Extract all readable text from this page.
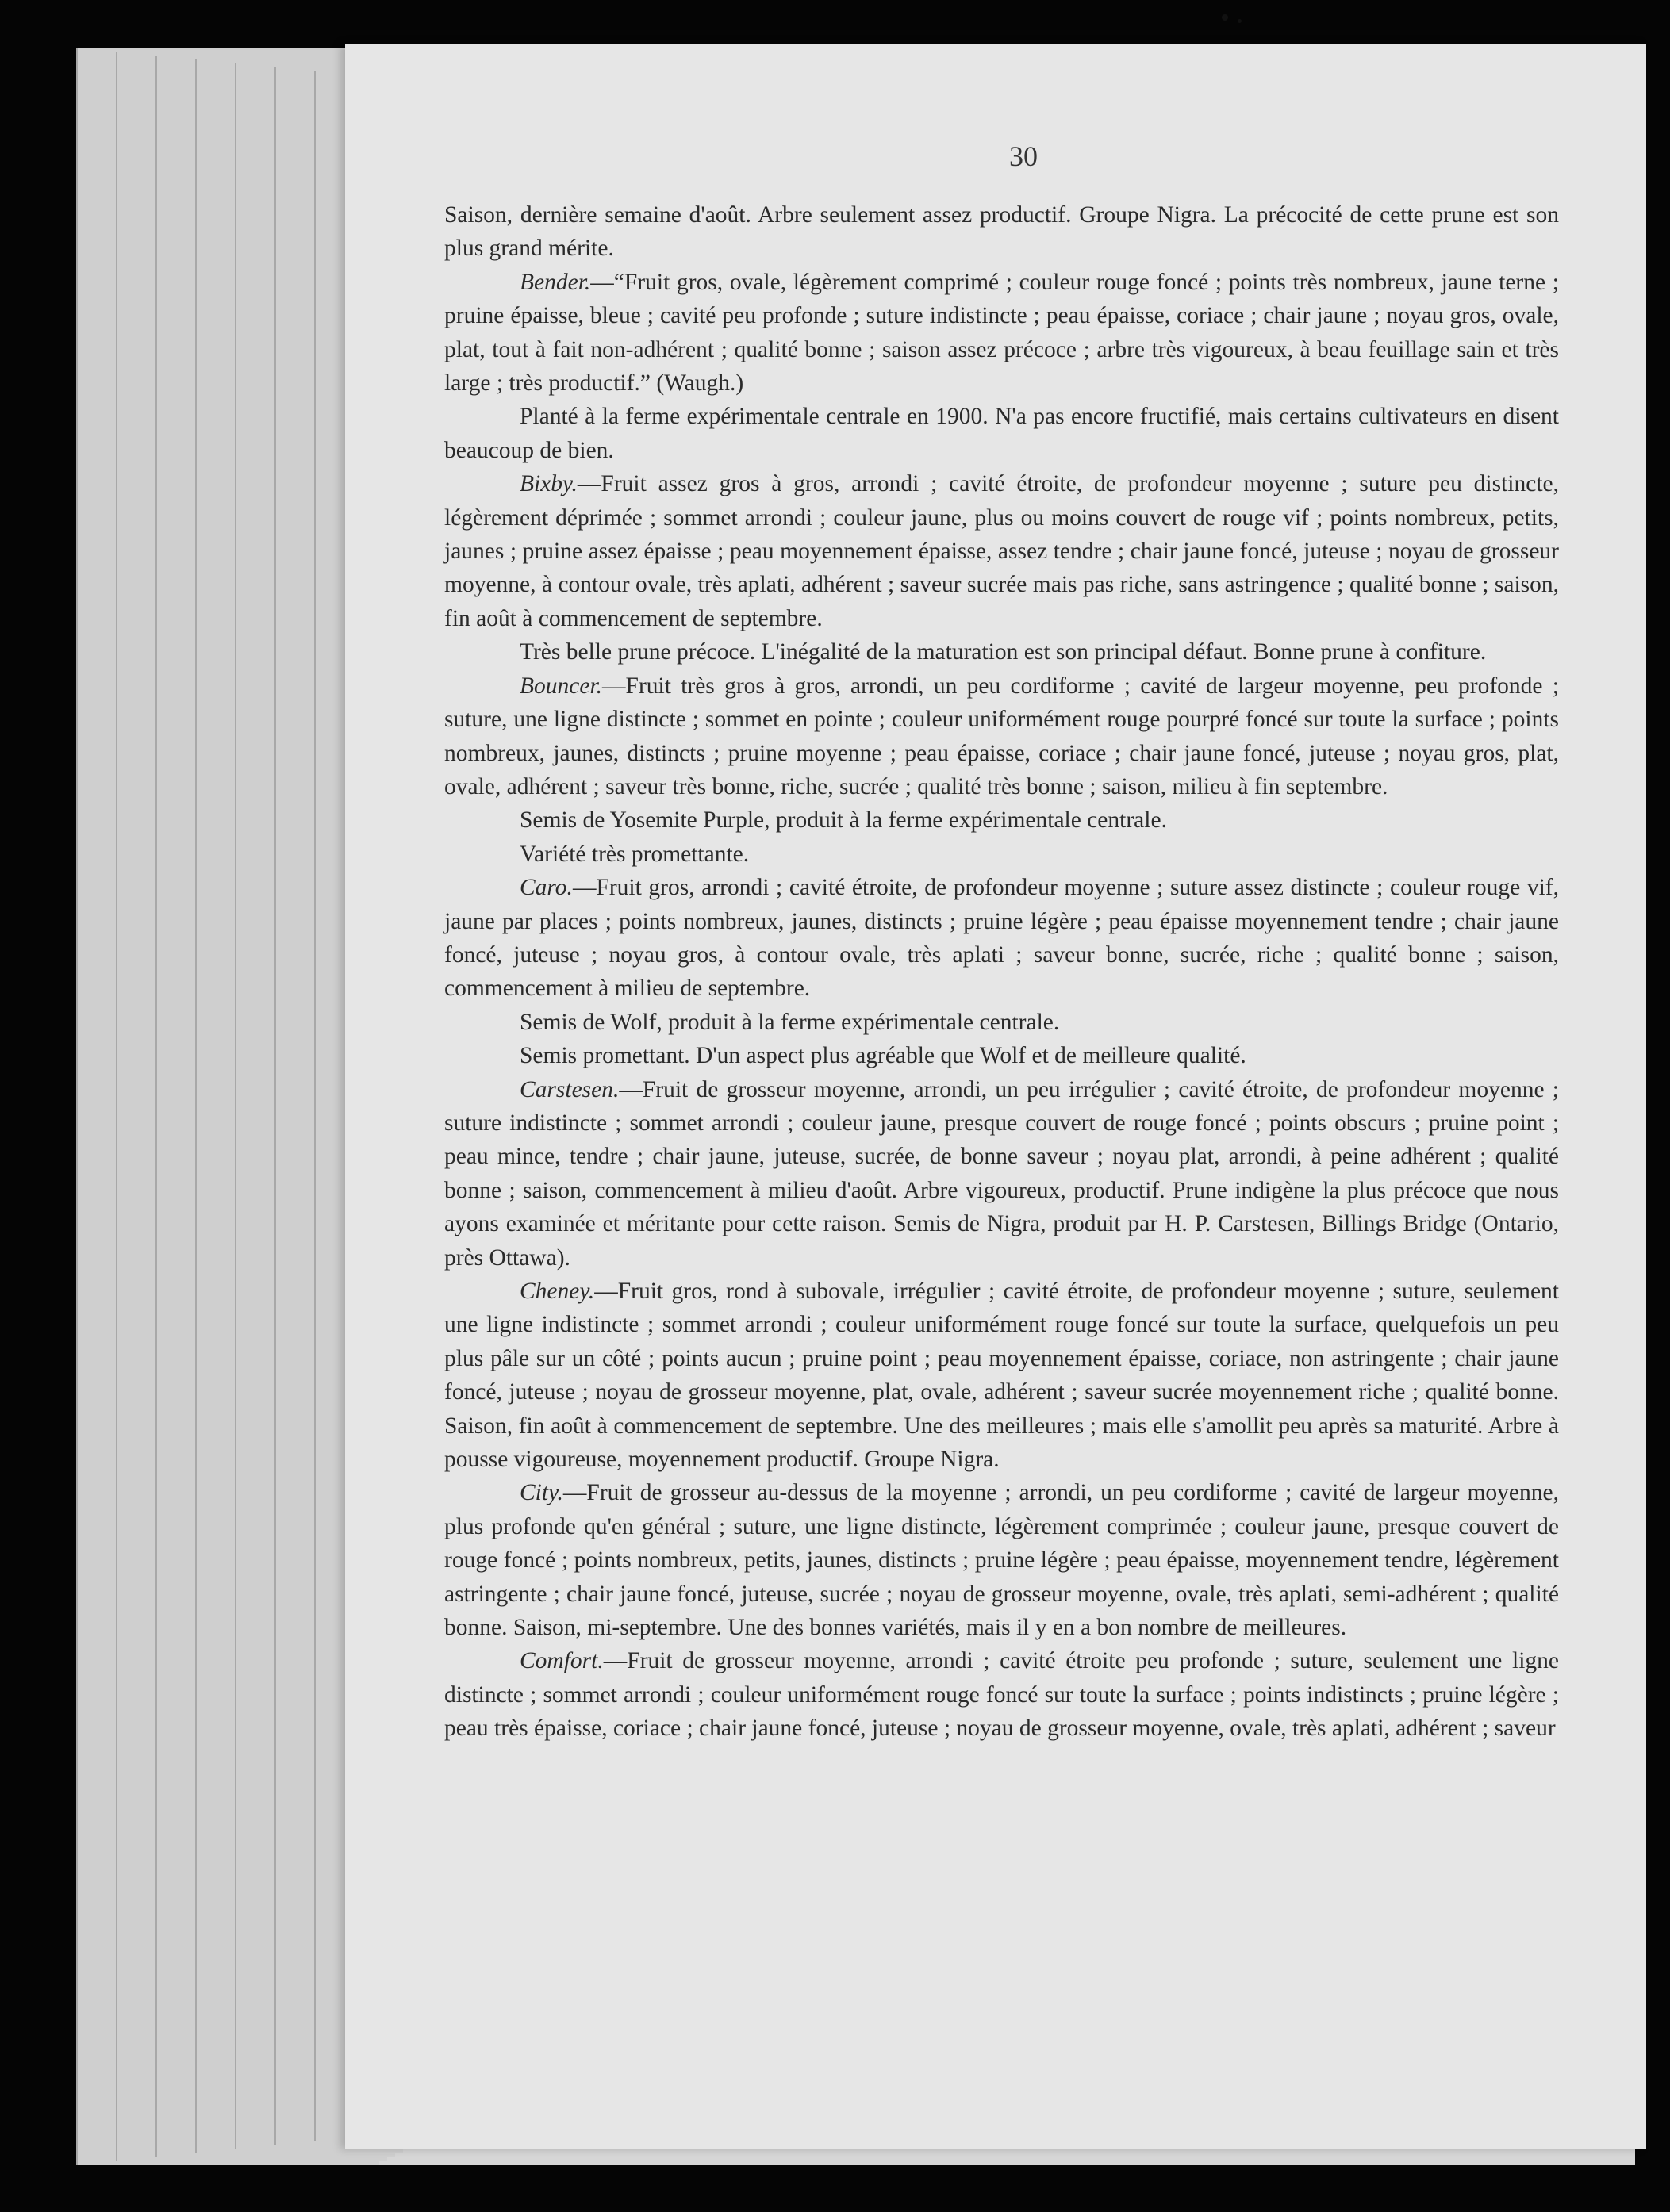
30

Saison, dernière semaine d'août. Arbre seulement assez productif. Groupe Nigra. La précocité de cette prune est son plus grand mérite.

Bender.—“Fruit gros, ovale, légèrement comprimé ; couleur rouge foncé ; points très nombreux, jaune terne ; pruine épaisse, bleue ; cavité peu profonde ; suture indistincte ; peau épaisse, coriace ; chair jaune ; noyau gros, ovale, plat, tout à fait non-adhérent ; qualité bonne ; saison assez précoce ; arbre très vigoureux, à beau feuillage sain et très large ; très productif.” (Waugh.)

Planté à la ferme expérimentale centrale en 1900. N'a pas encore fructifié, mais certains cultivateurs en disent beaucoup de bien.

Bixby.—Fruit assez gros à gros, arrondi ; cavité étroite, de profondeur moyenne ; suture peu distincte, légèrement déprimée ; sommet arrondi ; couleur jaune, plus ou moins couvert de rouge vif ; points nombreux, petits, jaunes ; pruine assez épaisse ; peau moyennement épaisse, assez tendre ; chair jaune foncé, juteuse ; noyau de grosseur moyenne, à contour ovale, très aplati, adhérent ; saveur sucrée mais pas riche, sans astringence ; qualité bonne ; saison, fin août à commencement de septembre.

Très belle prune précoce. L'inégalité de la maturation est son principal défaut. Bonne prune à confiture.

Bouncer.—Fruit très gros à gros, arrondi, un peu cordiforme ; cavité de largeur moyenne, peu profonde ; suture, une ligne distincte ; sommet en pointe ; couleur uniformément rouge pourpré foncé sur toute la surface ; points nombreux, jaunes, distincts ; pruine moyenne ; peau épaisse, coriace ; chair jaune foncé, juteuse ; noyau gros, plat, ovale, adhérent ; saveur très bonne, riche, sucrée ; qualité très bonne ; saison, milieu à fin septembre.

Semis de Yosemite Purple, produit à la ferme expérimentale centrale.

Variété très promettante.

Caro.—Fruit gros, arrondi ; cavité étroite, de profondeur moyenne ; suture assez distincte ; couleur rouge vif, jaune par places ; points nombreux, jaunes, distincts ; pruine légère ; peau épaisse moyennement tendre ; chair jaune foncé, juteuse ; noyau gros, à contour ovale, très aplati ; saveur bonne, sucrée, riche ; qualité bonne ; saison, commencement à milieu de septembre.

Semis de Wolf, produit à la ferme expérimentale centrale.

Semis promettant. D'un aspect plus agréable que Wolf et de meilleure qualité.

Carstesen.—Fruit de grosseur moyenne, arrondi, un peu irrégulier ; cavité étroite, de profondeur moyenne ; suture indistincte ; sommet arrondi ; couleur jaune, presque couvert de rouge foncé ; points obscurs ; pruine point ; peau mince, tendre ; chair jaune, juteuse, sucrée, de bonne saveur ; noyau plat, arrondi, à peine adhérent ; qualité bonne ; saison, commencement à milieu d'août. Arbre vigoureux, productif. Prune indigène la plus précoce que nous ayons examinée et méritante pour cette raison. Semis de Nigra, produit par H. P. Carstesen, Billings Bridge (Ontario, près Ottawa).

Cheney.—Fruit gros, rond à subovale, irrégulier ; cavité étroite, de profondeur moyenne ; suture, seulement une ligne indistincte ; sommet arrondi ; couleur uniformément rouge foncé sur toute la surface, quelquefois un peu plus pâle sur un côté ; points aucun ; pruine point ; peau moyennement épaisse, coriace, non astringente ; chair jaune foncé, juteuse ; noyau de grosseur moyenne, plat, ovale, adhérent ; saveur sucrée moyennement riche ; qualité bonne. Saison, fin août à commencement de septembre. Une des meilleures ; mais elle s'amollit peu après sa maturité. Arbre à pousse vigoureuse, moyennement productif. Groupe Nigra.

City.—Fruit de grosseur au-dessus de la moyenne ; arrondi, un peu cordiforme ; cavité de largeur moyenne, plus profonde qu'en général ; suture, une ligne distincte, légèrement comprimée ; couleur jaune, presque couvert de rouge foncé ; points nombreux, petits, jaunes, distincts ; pruine légère ; peau épaisse, moyennement tendre, légèrement astringente ; chair jaune foncé, juteuse, sucrée ; noyau de grosseur moyenne, ovale, très aplati, semi-adhérent ; qualité bonne. Saison, mi-septembre. Une des bonnes variétés, mais il y en a bon nombre de meilleures.

Comfort.—Fruit de grosseur moyenne, arrondi ; cavité étroite peu profonde ; suture, seulement une ligne distincte ; sommet arrondi ; couleur uniformément rouge foncé sur toute la surface ; points indistincts ; pruine légère ; peau très épaisse, coriace ; chair jaune foncé, juteuse ; noyau de grosseur moyenne, ovale, très aplati, adhérent ; saveur
